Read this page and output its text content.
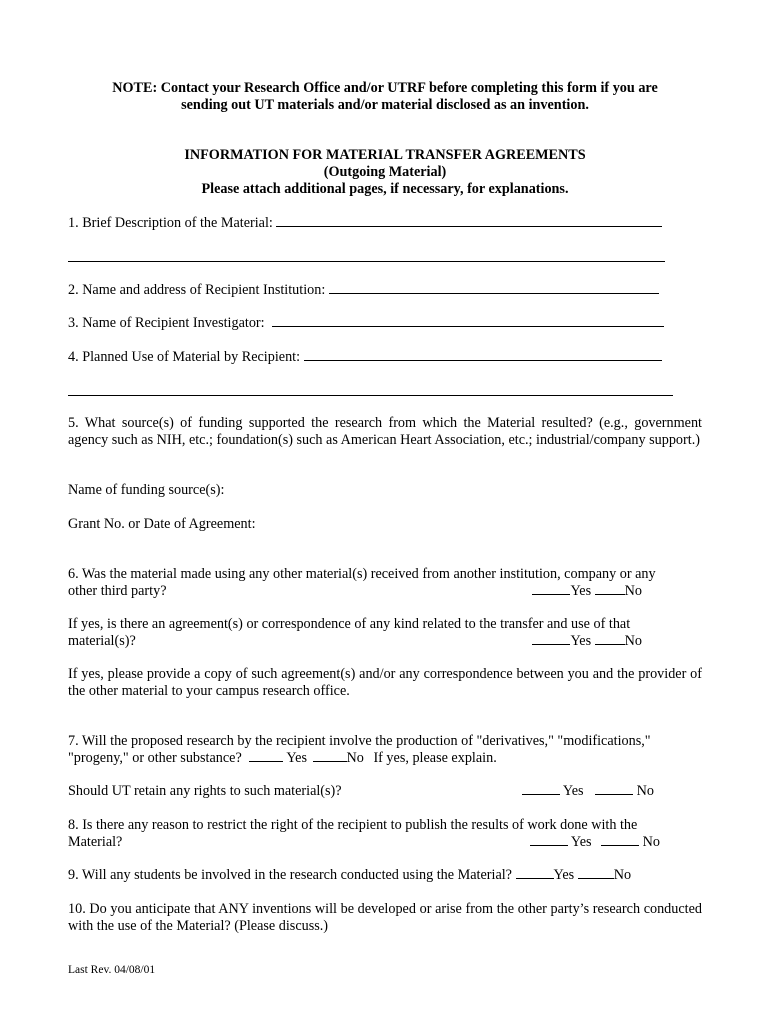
NOTE: Contact your Research Office and/or UTRF before completing this form if you are
sending out UT materials and/or material disclosed as an invention.
INFORMATION FOR MATERIAL TRANSFER AGREEMENTS
(Outgoing Material)
Please attach additional pages, if necessary, for explanations.
1. Brief Description of the Material:
2. Name and address of Recipient Institution:
3. Name of Recipient Investigator:
4. Planned Use of Material by Recipient:
5. What source(s) of funding supported the research from which the Material resulted? (e.g., government agency such as NIH, etc.; foundation(s) such as American Heart Association, etc.; industrial/company support.)
Name of funding source(s):
Grant No. or Date of Agreement:
6. Was the material made using any other material(s) received from another institution, company or any
other third party?	Yes No
If yes, is there an agreement(s) or correspondence of any kind related to the transfer and use of that
material(s)?	Yes No
If yes, please provide a copy of such agreement(s) and/or any correspondence between you and the provider of the other material to your campus research office.
7. Will the proposed research by the recipient involve the production of "derivatives," "modifications,"
"progeny," or other substance?	Yes	No If yes, please explain.
Should UT retain any rights to such material(s)?	Yes	No
8. Is there any reason to restrict the right of the recipient to publish the results of work done with the
Material?	Yes	No
9. Will any students be involved in the research conducted using the Material?	Yes	No
10. Do you anticipate that ANY inventions will be developed or arise from the other party’s research conducted with the use of the Material? (Please discuss.)
Last Rev. 04/08/01
